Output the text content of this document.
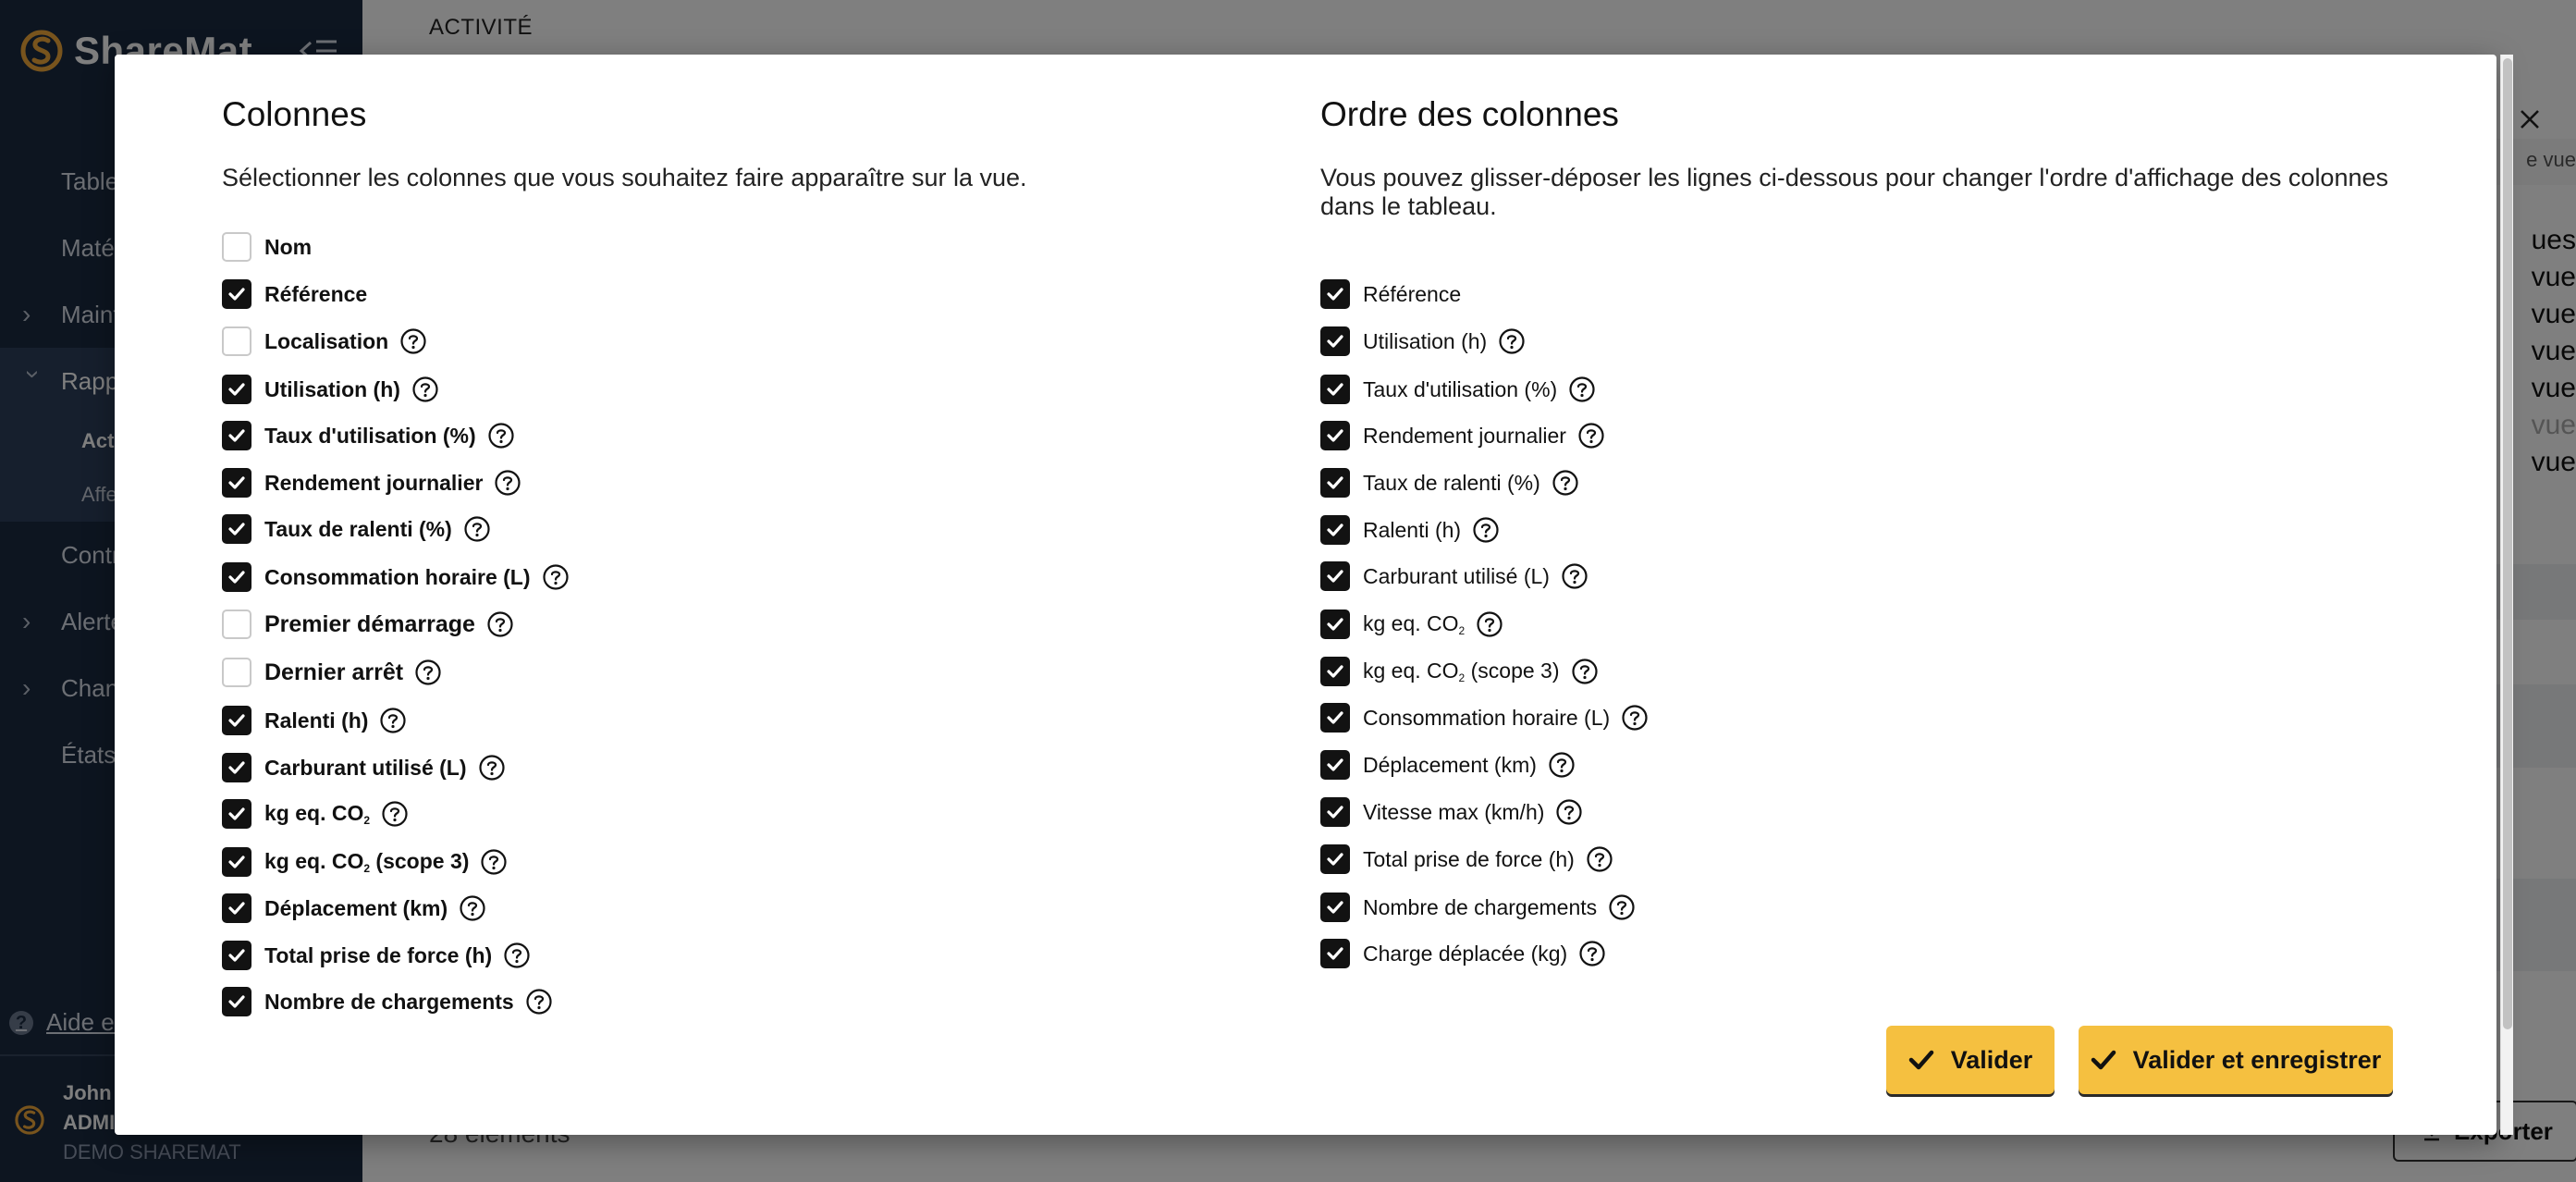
Colonnes

Sélectionner les colonnes que vous souhaitez faire apparaître sur la vue.

Nom
Référence
Localisation
Utilisation (h)
Taux d'utilisation (%)
Rendement journalier
Taux de ralenti (%)
Consommation horaire (L)
Premier démarrage
Dernier arrêt
Ralenti (h)
Carburant utilisé (L)
kg eq. $CO_2$
kg eq. $CO_2$ (scope 3)
Déplacement (km)
Total prise de force (h)
Nombre de chargements
Ordre des colonnes

Vous pouvez glisser-déposer les lignes ci-dessous pour changer l'ordre d'affichage des colonnes dans le tableau.

Référence
Utilisation (h)
Taux d'utilisation (%)
Rendement journalier
Taux de ralenti (%)
Ralenti (h)
Carburant utilisé (L)
kg eq. $CO_2$
kg eq. $CO_2$ (scope 3)
Consommation horaire (L)
Déplacement (km)
Vitesse max (km/h)
Total prise de force (h)
Nombre de chargements
Charge déplacée (kg)
Valider	Valider et enregistrer
